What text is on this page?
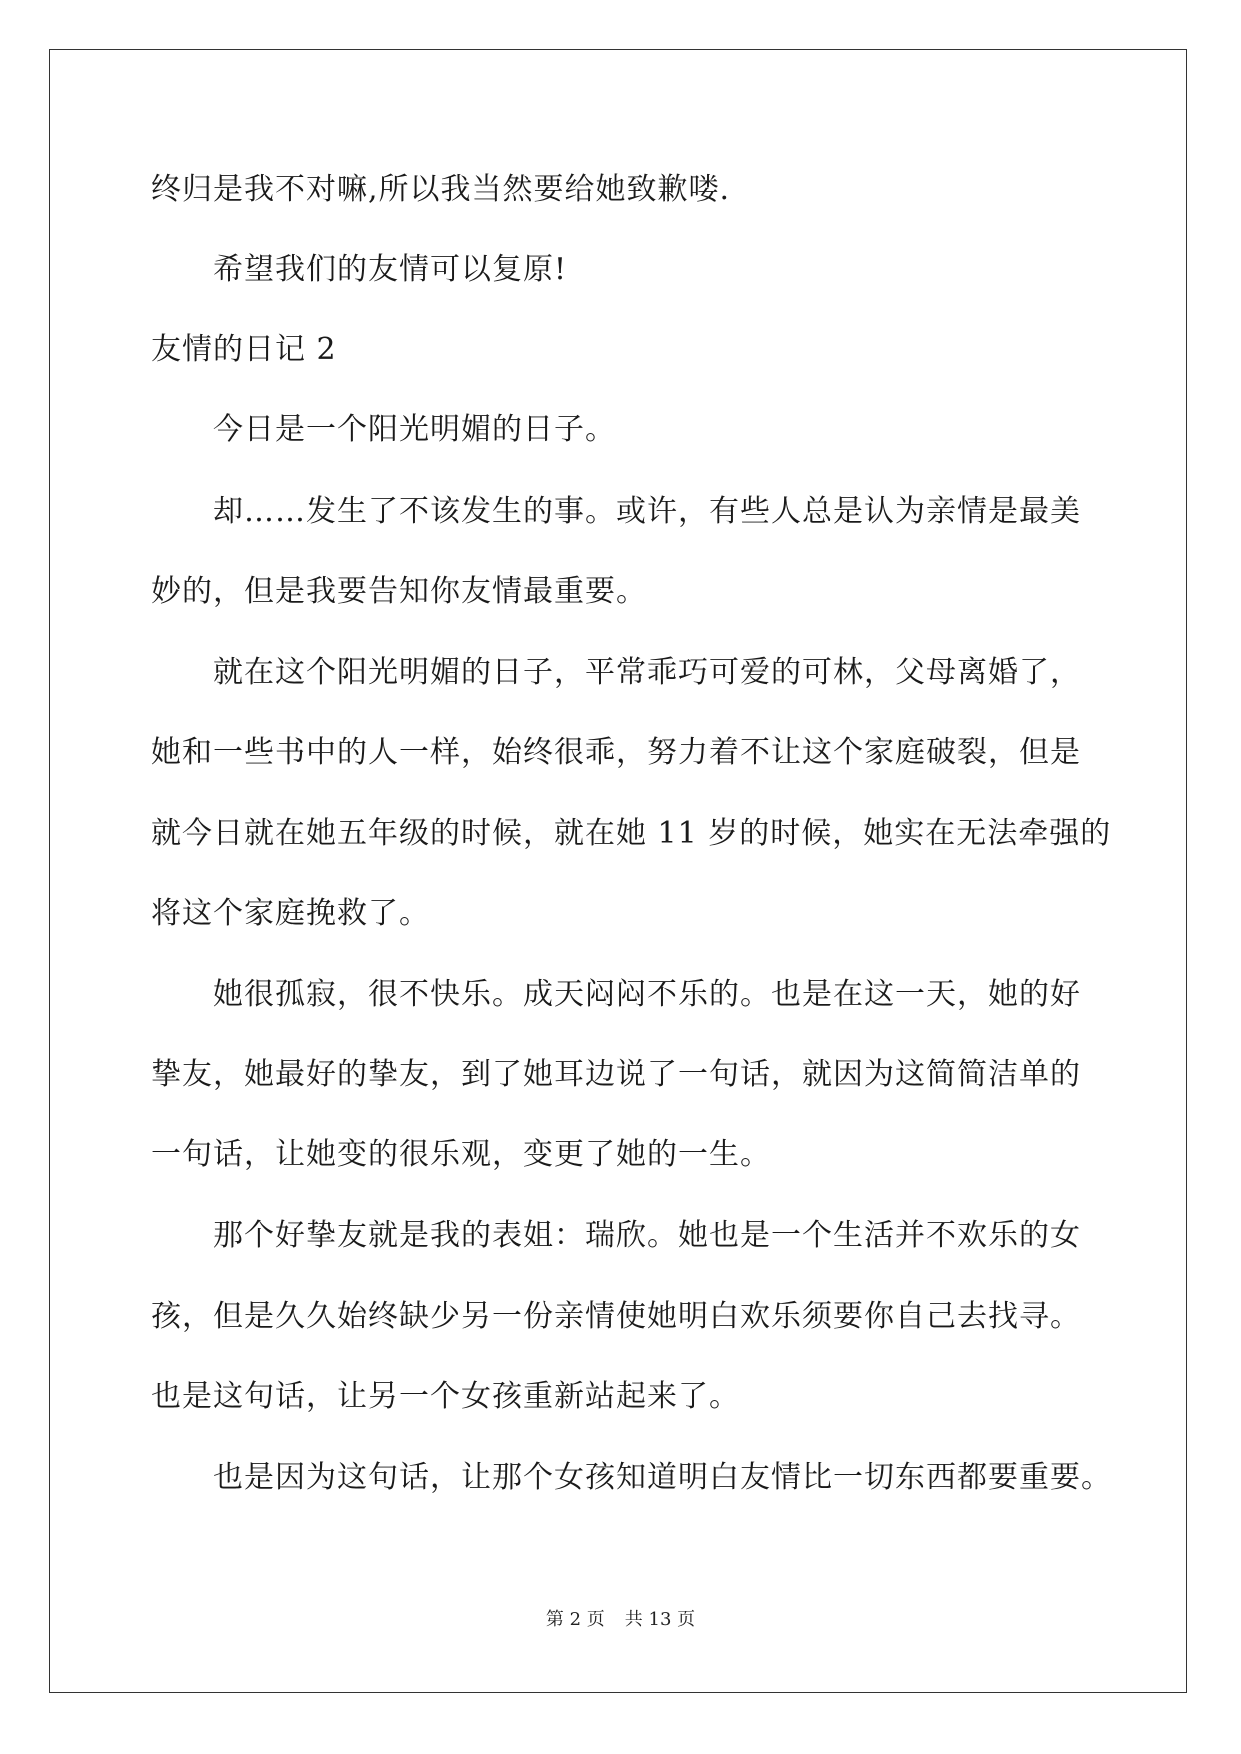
终归是我不对嘛,所以我当然要给她致歉喽.
希望我们的友情可以复原!
友情的日记 2
今日是一个阳光明媚的日子。
却……发生了不该发生的事。或许，有些人总是认为亲情是最美
妙的，但是我要告知你友情最重要。
就在这个阳光明媚的日子，平常乖巧可爱的可林，父母离婚了，
她和一些书中的人一样，始终很乖，努力着不让这个家庭破裂，但是
就今日就在她五年级的时候，就在她 11 岁的时候，她实在无法牵强的
将这个家庭挽救了。
她很孤寂，很不快乐。成天闷闷不乐的。也是在这一天，她的好
挚友，她最好的挚友，到了她耳边说了一句话，就因为这简简洁单的
一句话，让她变的很乐观，变更了她的一生。
那个好挚友就是我的表姐：瑞欣。她也是一个生活并不欢乐的女
孩，但是久久始终缺少另一份亲情使她明白欢乐须要你自己去找寻。
也是这句话，让另一个女孩重新站起来了。
也是因为这句话，让那个女孩知道明白友情比一切东西都要重要。
第 2 页 共 13 页
